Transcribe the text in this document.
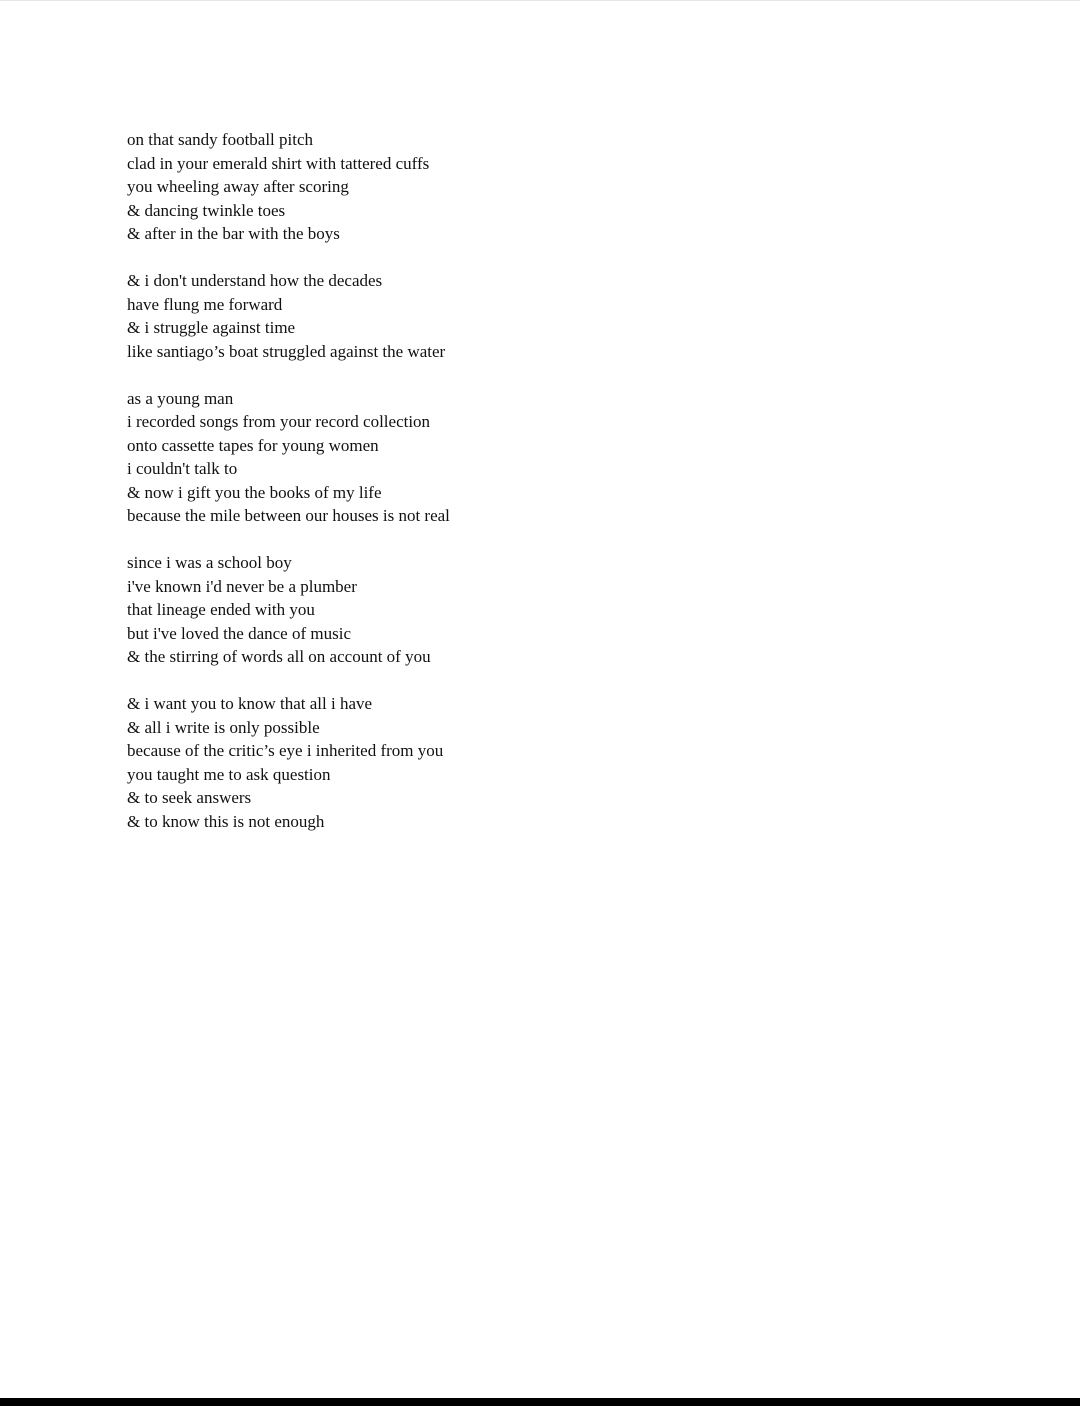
on that sandy football pitch
clad in your emerald shirt with tattered cuffs
you wheeling away after scoring
& dancing twinkle toes
& after in the bar with the boys
& i don't understand how the decades
have flung me forward
& i struggle against time
like santiago’s boat struggled against the water
as a young man
i recorded songs from your record collection
onto cassette tapes for young women
i couldn't talk to
& now i gift you the books of my life
because the mile between our houses is not real
since i was a school boy
i've known i'd never be a plumber
that lineage ended with you
but i've loved the dance of music
& the stirring of words all on account of you
& i want you to know that all i have
& all i write is only possible
because of the critic’s eye i inherited from you
you taught me to ask question
& to seek answers
& to know this is not enough
